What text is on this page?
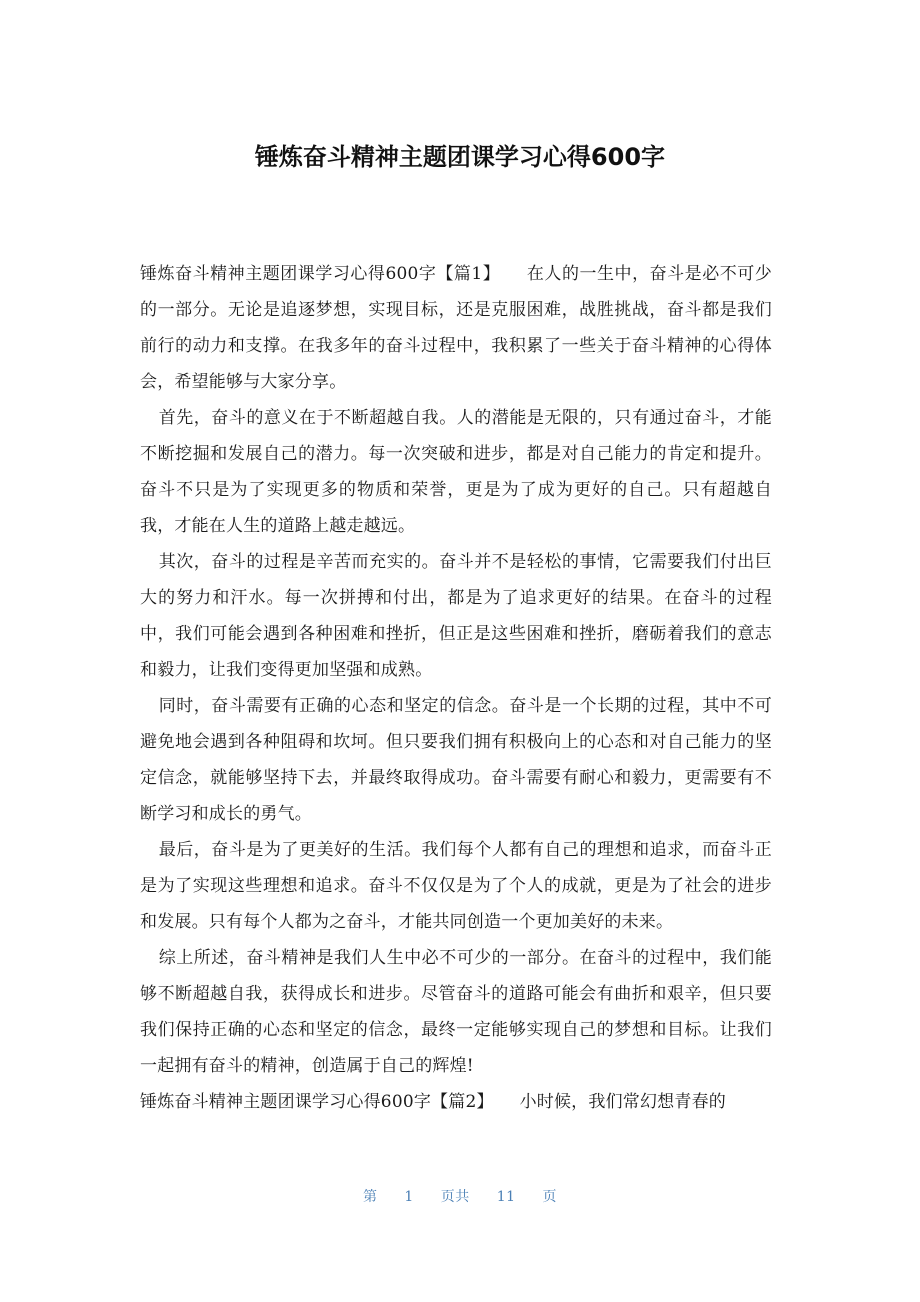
锤炼奋斗精神主题团课学习心得600字

锤炼奋斗精神主题团课学习心得600字【篇1】　　 在人的一生中，奋斗是必不可少的一部分。无论是追逐梦想，实现目标，还是克服困难，战胜挑战，奋斗都是我们前行的动力和支撑。在我多年的奋斗过程中，我积累了一些关于奋斗精神的心得体会，希望能够与大家分享。

首先，奋斗的意义在于不断超越自我。人的潜能是无限的，只有通过奋斗，才能不断挖掘和发展自己的潜力。每一次突破和进步，都是对自己能力的肯定和提升。奋斗不只是为了实现更多的物质和荣誉，更是为了成为更好的自己。只有超越自我，才能在人生的道路上越走越远。

其次，奋斗的过程是辛苦而充实的。奋斗并不是轻松的事情，它需要我们付出巨大的努力和汗水。每一次拼搏和付出，都是为了追求更好的结果。在奋斗的过程中，我们可能会遇到各种困难和挫折，但正是这些困难和挫折，磨砺着我们的意志和毅力，让我们变得更加坚强和成熟。

同时，奋斗需要有正确的心态和坚定的信念。奋斗是一个长期的过程，其中不可避免地会遇到各种阻碍和坎坷。但只要我们拥有积极向上的心态和对自己能力的坚定信念，就能够坚持下去，并最终取得成功。奋斗需要有耐心和毅力，更需要有不断学习和成长的勇气。

最后，奋斗是为了更美好的生活。我们每个人都有自己的理想和追求，而奋斗正是为了实现这些理想和追求。奋斗不仅仅是为了个人的成就，更是为了社会的进步和发展。只有每个人都为之奋斗，才能共同创造一个更加美好的未来。

综上所述，奋斗精神是我们人生中必不可少的一部分。在奋斗的过程中，我们能够不断超越自我，获得成长和进步。尽管奋斗的道路可能会有曲折和艰辛，但只要我们保持正确的心态和坚定的信念，最终一定能够实现自己的梦想和目标。让我们一起拥有奋斗的精神，创造属于自己的辉煌!

锤炼奋斗精神主题团课学习心得600字【篇2】　　 小时候，我们常幻想青春的

第 1 页共 11 页
